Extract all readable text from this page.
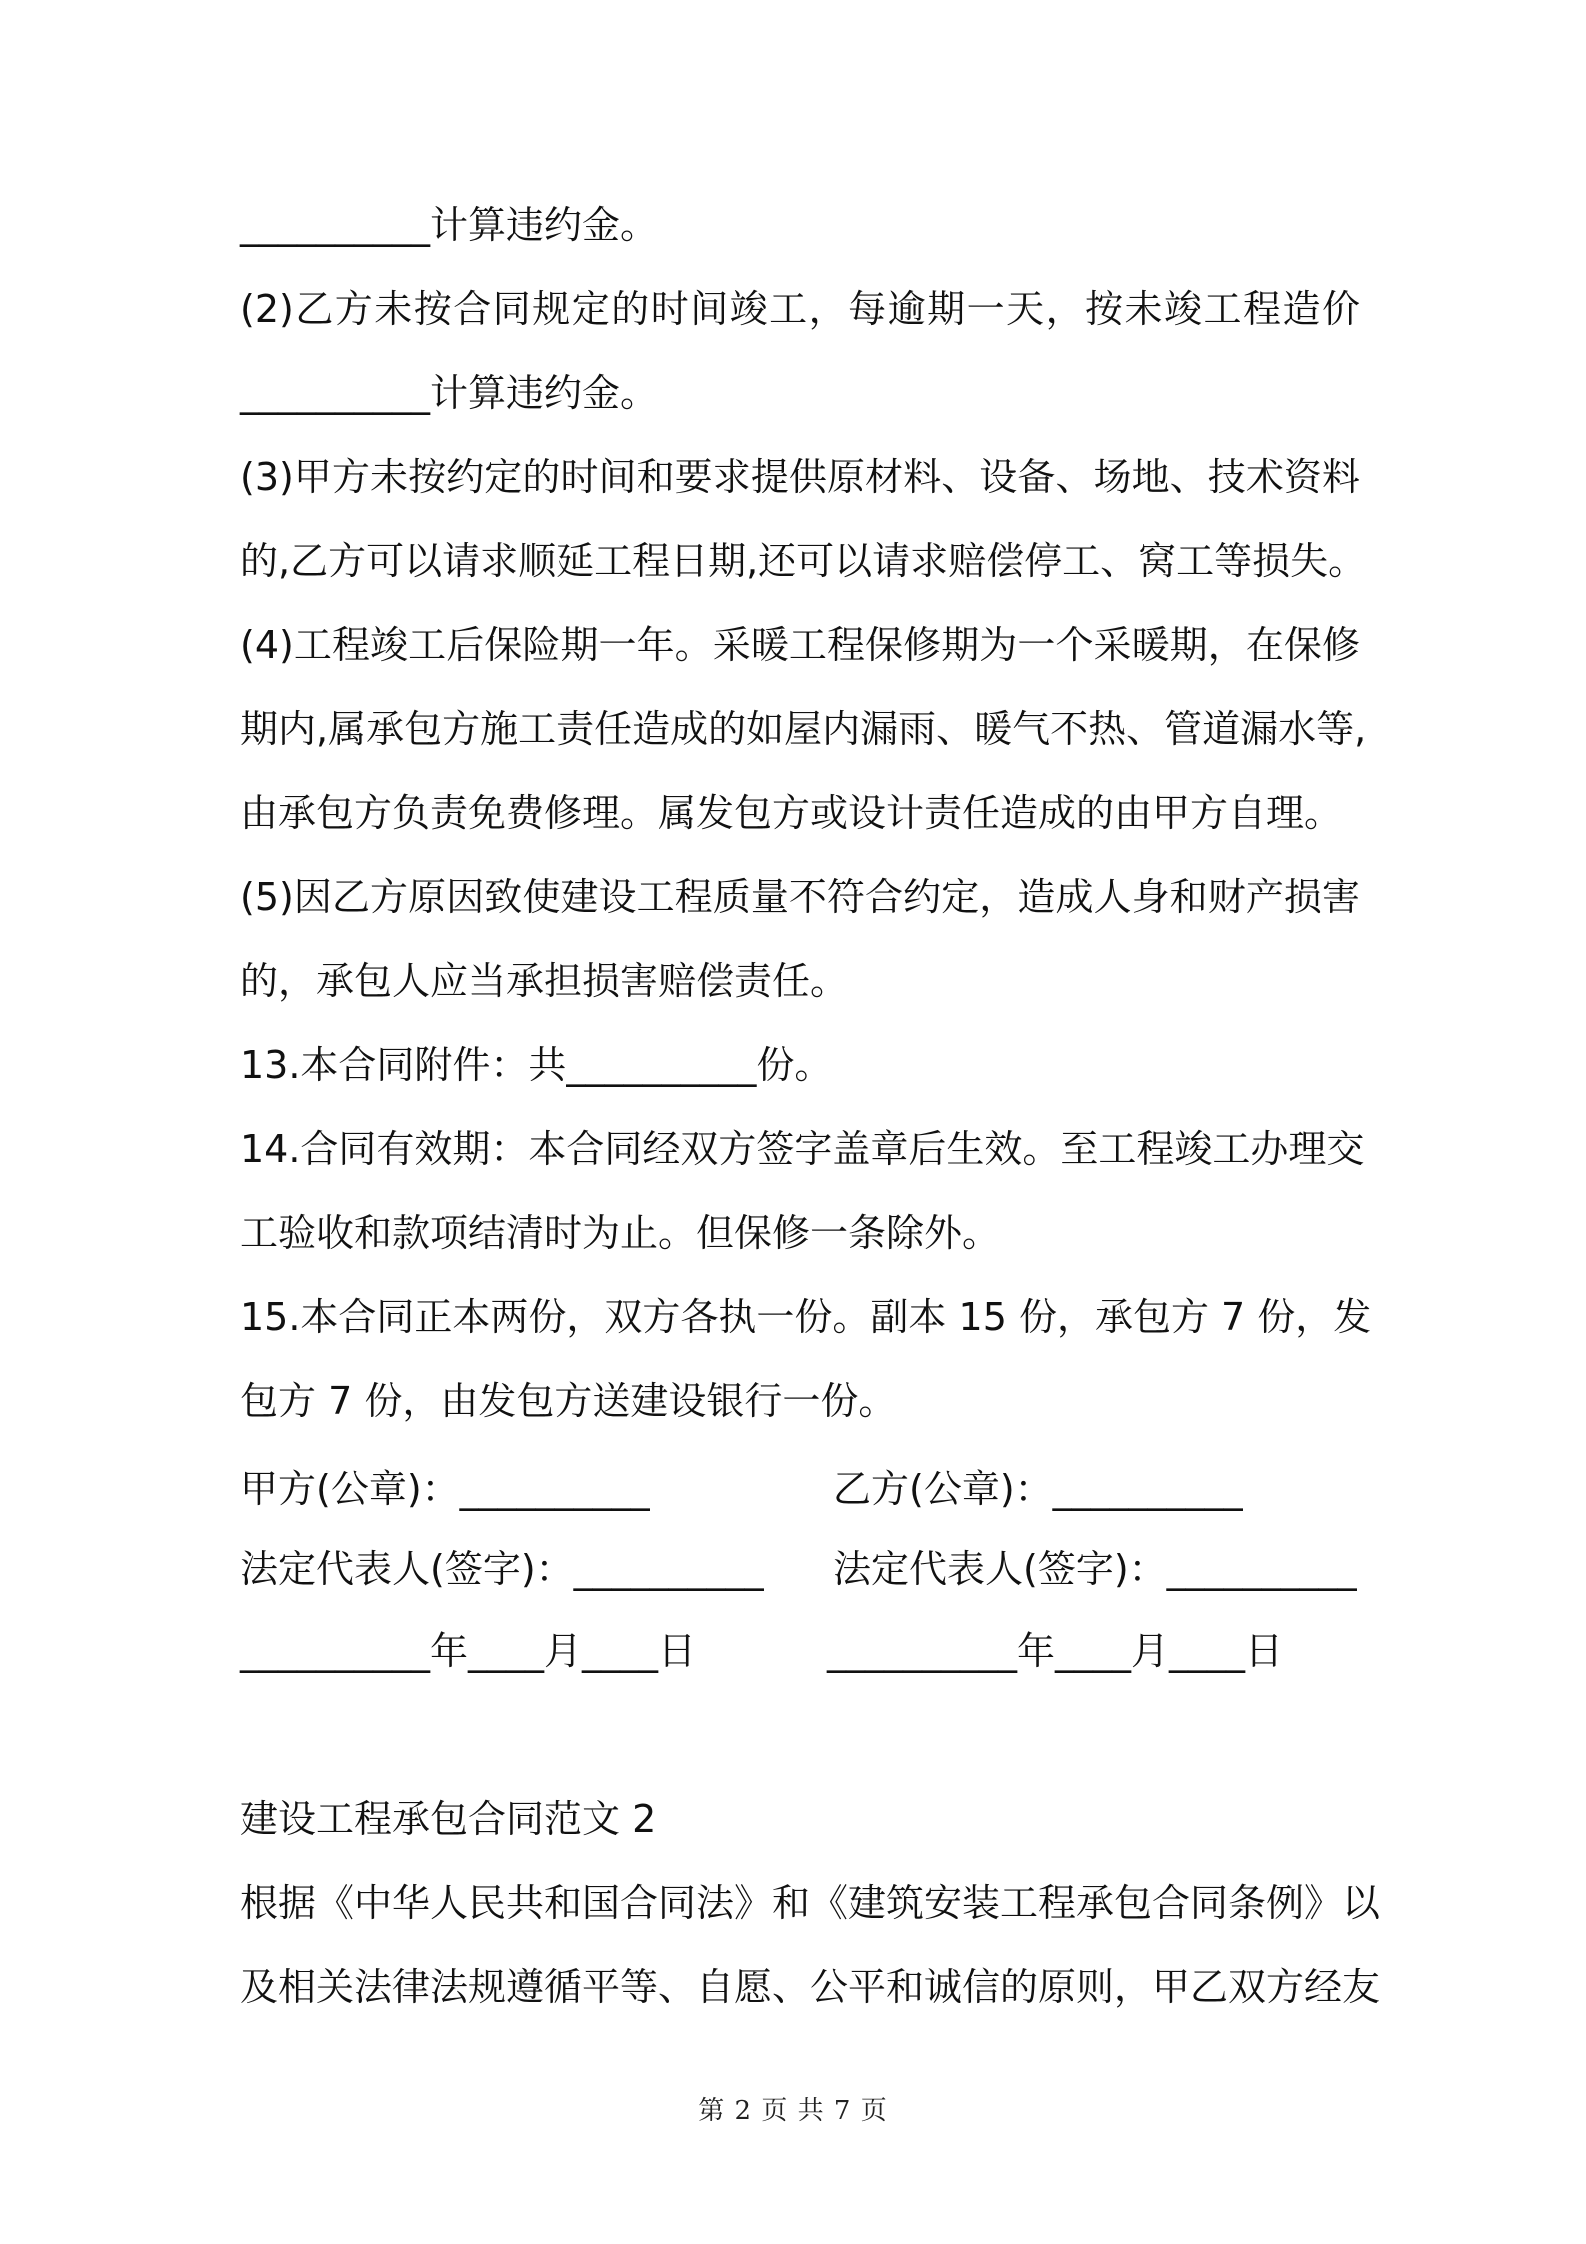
__________计算违约金。
(2)乙方未按合同规定的时间竣工，每逾期一天，按未竣工程造价
__________计算违约金。
(3)甲方未按约定的时间和要求提供原材料、设备、场地、技术资料
的,乙方可以请求顺延工程日期,还可以请求赔偿停工、窝工等损失。
(4)工程竣工后保险期一年。采暖工程保修期为一个采暖期，在保修
期内,属承包方施工责任造成的如屋内漏雨、暖气不热、管道漏水等,
由承包方负责免费修理。属发包方或设计责任造成的由甲方自理。
(5)因乙方原因致使建设工程质量不符合约定，造成人身和财产损害
的，承包人应当承担损害赔偿责任。
13.本合同附件：共__________份。
14.合同有效期：本合同经双方签字盖章后生效。至工程竣工办理交
工验收和款项结清时为止。但保修一条除外。
15.本合同正本两份，双方各执一份。副本 15 份，承包方 7 份，发
包方 7 份，由发包方送建设银行一份。
甲方(公章)：__________	乙方(公章)：__________
法定代表人(签字)：__________ 法定代表人(签字)：__________
__________年____月____日	__________年____月____日
建设工程承包合同范文 2
根据《中华人民共和国合同法》和《建筑安装工程承包合同条例》以
及相关法律法规遵循平等、自愿、公平和诚信的原则，甲乙双方经友
第 2 页 共 7 页
